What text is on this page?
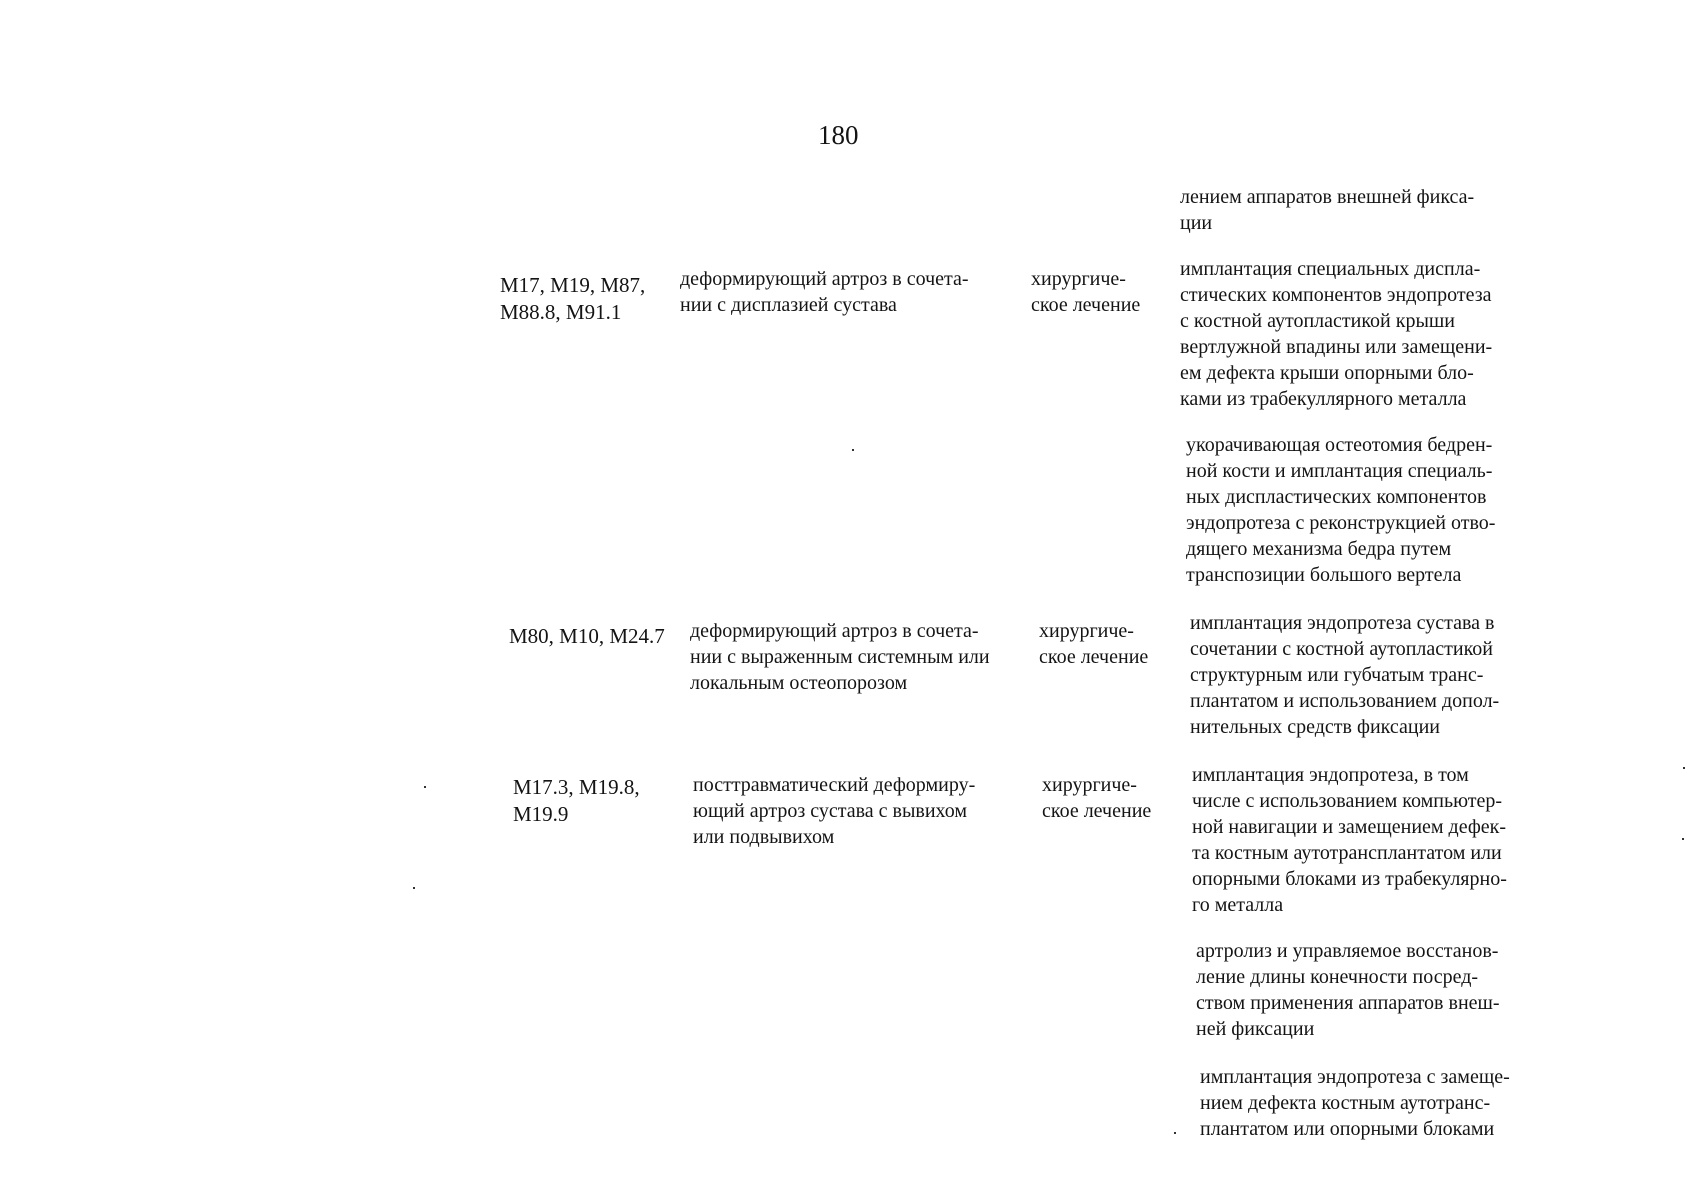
180
лением аппаратов внешней фикса-
ции
M17, M19, M87,
M88.8, M91.1
деформирующий артроз в сочета-
нии с дисплазией сустава
хирургиче-
ское лечение
имплантация специальных диспла-
стических компонентов эндопротеза
с костной аутопластикой крыши
вертлужной впадины или замещени-
ем дефекта крыши опорными бло-
ками из трабекуллярного металла
укорачивающая остеотомия бедрен-
ной кости и имплантация специаль-
ных диспластических компонентов
эндопротеза с реконструкцией отво-
дящего механизма бедра путем
транспозиции большого вертела
M80, M10, M24.7 деформирующий артроз в сочета-
нии с выраженным системным или
локальным остеопорозом
хирургиче-
ское лечение
имплантация эндопротеза сустава в
сочетании с костной аутопластикой
структурным или губчатым транс-
плантатом и использованием допол-
нительных средств фиксации
M17.3, M19.8,
M19.9
посттравматический деформиру-
ющий артроз сустава с вывихом
или подвывихом
хирургиче-
ское лечение
имплантация эндопротеза, в том
числе с использованием компьютер-
ной навигации и замещением дефек-
та костным аутотрансплантатом или
опорными блоками из трабекулярно-
го металла
артролиз и управляемое восстанов-
ление длины конечности посред-
ством применения аппаратов внеш-
ней фиксации
имплантация эндопротеза с замеще-
нием дефекта костным аутотранс-
плантатом или опорными блоками
